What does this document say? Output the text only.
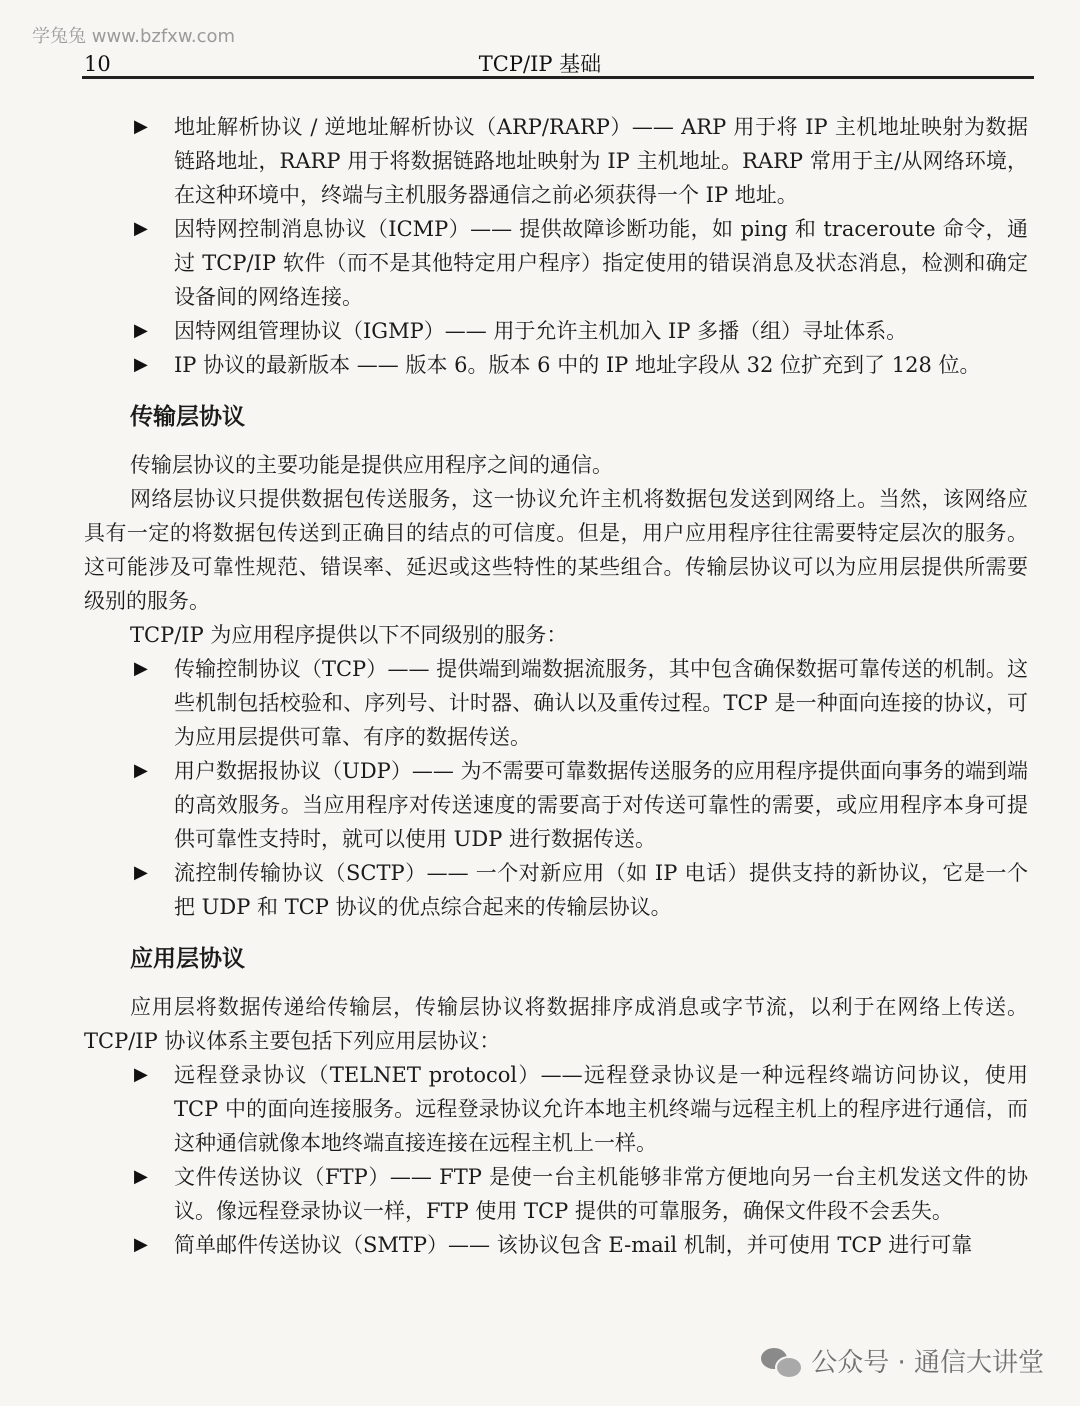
学兔兔 www.bzfxw.com
10	TCP/IP 基础
▶ 地址解析协议 / 逆地址解析协议（ARP/RARP）—— ARP 用于将 IP 主机地址映射为数据链路地址，RARP 用于将数据链路地址映射为 IP 主机地址。RARP 常用于主/从网络环境，在这种环境中，终端与主机服务器通信之前必须获得一个 IP 地址。
▶ 因特网控制消息协议（ICMP）—— 提供故障诊断功能，如 ping 和 traceroute 命令，通过 TCP/IP 软件（而不是其他特定用户程序）指定使用的错误消息及状态消息，检测和确定设备间的网络连接。
▶ 因特网组管理协议（IGMP）—— 用于允许主机加入 IP 多播（组）寻址体系。
▶ IP 协议的最新版本 —— 版本 6。版本 6 中的 IP 地址字段从 32 位扩充到了 128 位。
传输层协议
传输层协议的主要功能是提供应用程序之间的通信。
网络层协议只提供数据包传送服务，这一协议允许主机将数据包发送到网络上。当然，该网络应具有一定的将数据包传送到正确目的结点的可信度。但是，用户应用程序往往需要特定层次的服务。这可能涉及可靠性规范、错误率、延迟或这些特性的某些组合。传输层协议可以为应用层提供所需要级别的服务。
TCP/IP 为应用程序提供以下不同级别的服务：
▶ 传输控制协议（TCP）—— 提供端到端数据流服务，其中包含确保数据可靠传送的机制。这些机制包括校验和、序列号、计时器、确认以及重传过程。TCP 是一种面向连接的协议，可为应用层提供可靠、有序的数据传送。
▶ 用户数据报协议（UDP）—— 为不需要可靠数据传送服务的应用程序提供面向事务的端到端的高效服务。当应用程序对传送速度的需要高于对传送可靠性的需要，或应用程序本身可提供可靠性支持时，就可以使用 UDP 进行数据传送。
▶ 流控制传输协议（SCTP）—— 一个对新应用（如 IP 电话）提供支持的新协议，它是一个把 UDP 和 TCP 协议的优点综合起来的传输层协议。
应用层协议
应用层将数据传递给传输层，传输层协议将数据排序成消息或字节流，以利于在网络上传送。TCP/IP 协议体系主要包括下列应用层协议：
▶ 远程登录协议（TELNET protocol）——远程登录协议是一种远程终端访问协议，使用 TCP 中的面向连接服务。远程登录协议允许本地主机终端与远程主机上的程序进行通信，而这种通信就像本地终端直接连接在远程主机上一样。
▶ 文件传送协议（FTP）—— FTP 是使一台主机能够非常方便地向另一台主机发送文件的协议。像远程登录协议一样，FTP 使用 TCP 提供的可靠服务，确保文件段不会丢失。
▶ 简单邮件传送协议（SMTP）—— 该协议包含 E-mail 机制，并可使用 TCP 进行可靠
公众号 · 通信大讲堂
